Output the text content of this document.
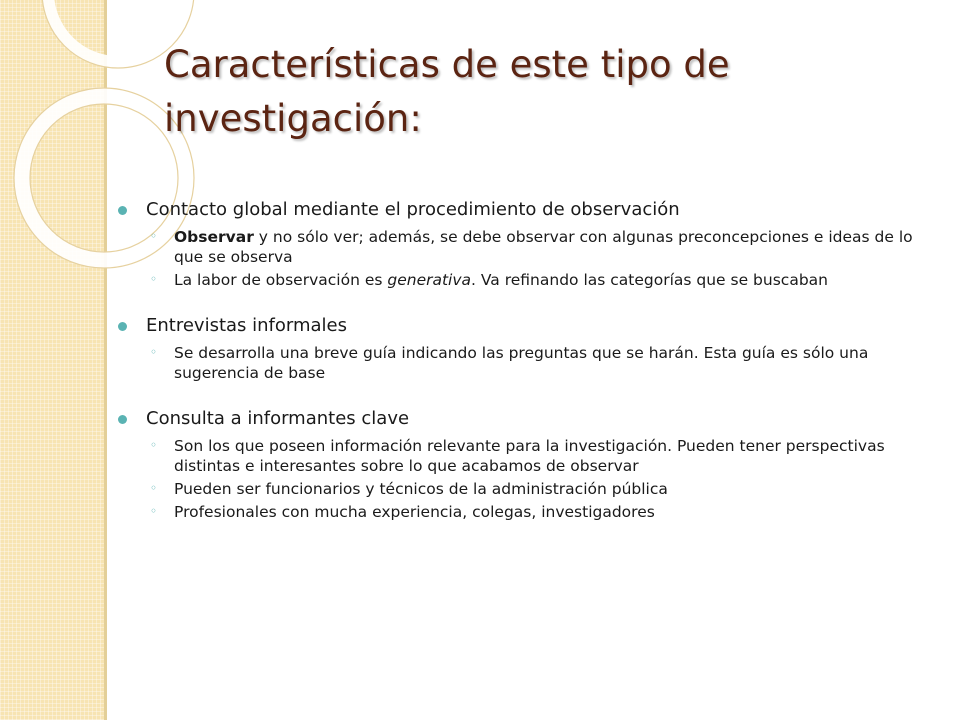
Características de este tipo de investigación:
Contacto global mediante el procedimiento de observación
◦ Observar y no sólo ver; además, se debe observar con algunas preconcepciones e ideas de lo que se observa
◦ La labor de observación es generativa. Va refinando las categorías que se buscaban
Entrevistas informales
◦ Se desarrolla una breve guía indicando las preguntas que se harán. Esta guía es sólo una sugerencia de base
Consulta a informantes clave
◦ Son los que poseen información relevante para la investigación. Pueden tener perspectivas distintas e interesantes sobre lo que acabamos de observar
◦ Pueden ser funcionarios y técnicos de la administración pública
◦ Profesionales con mucha experiencia, colegas, investigadores
